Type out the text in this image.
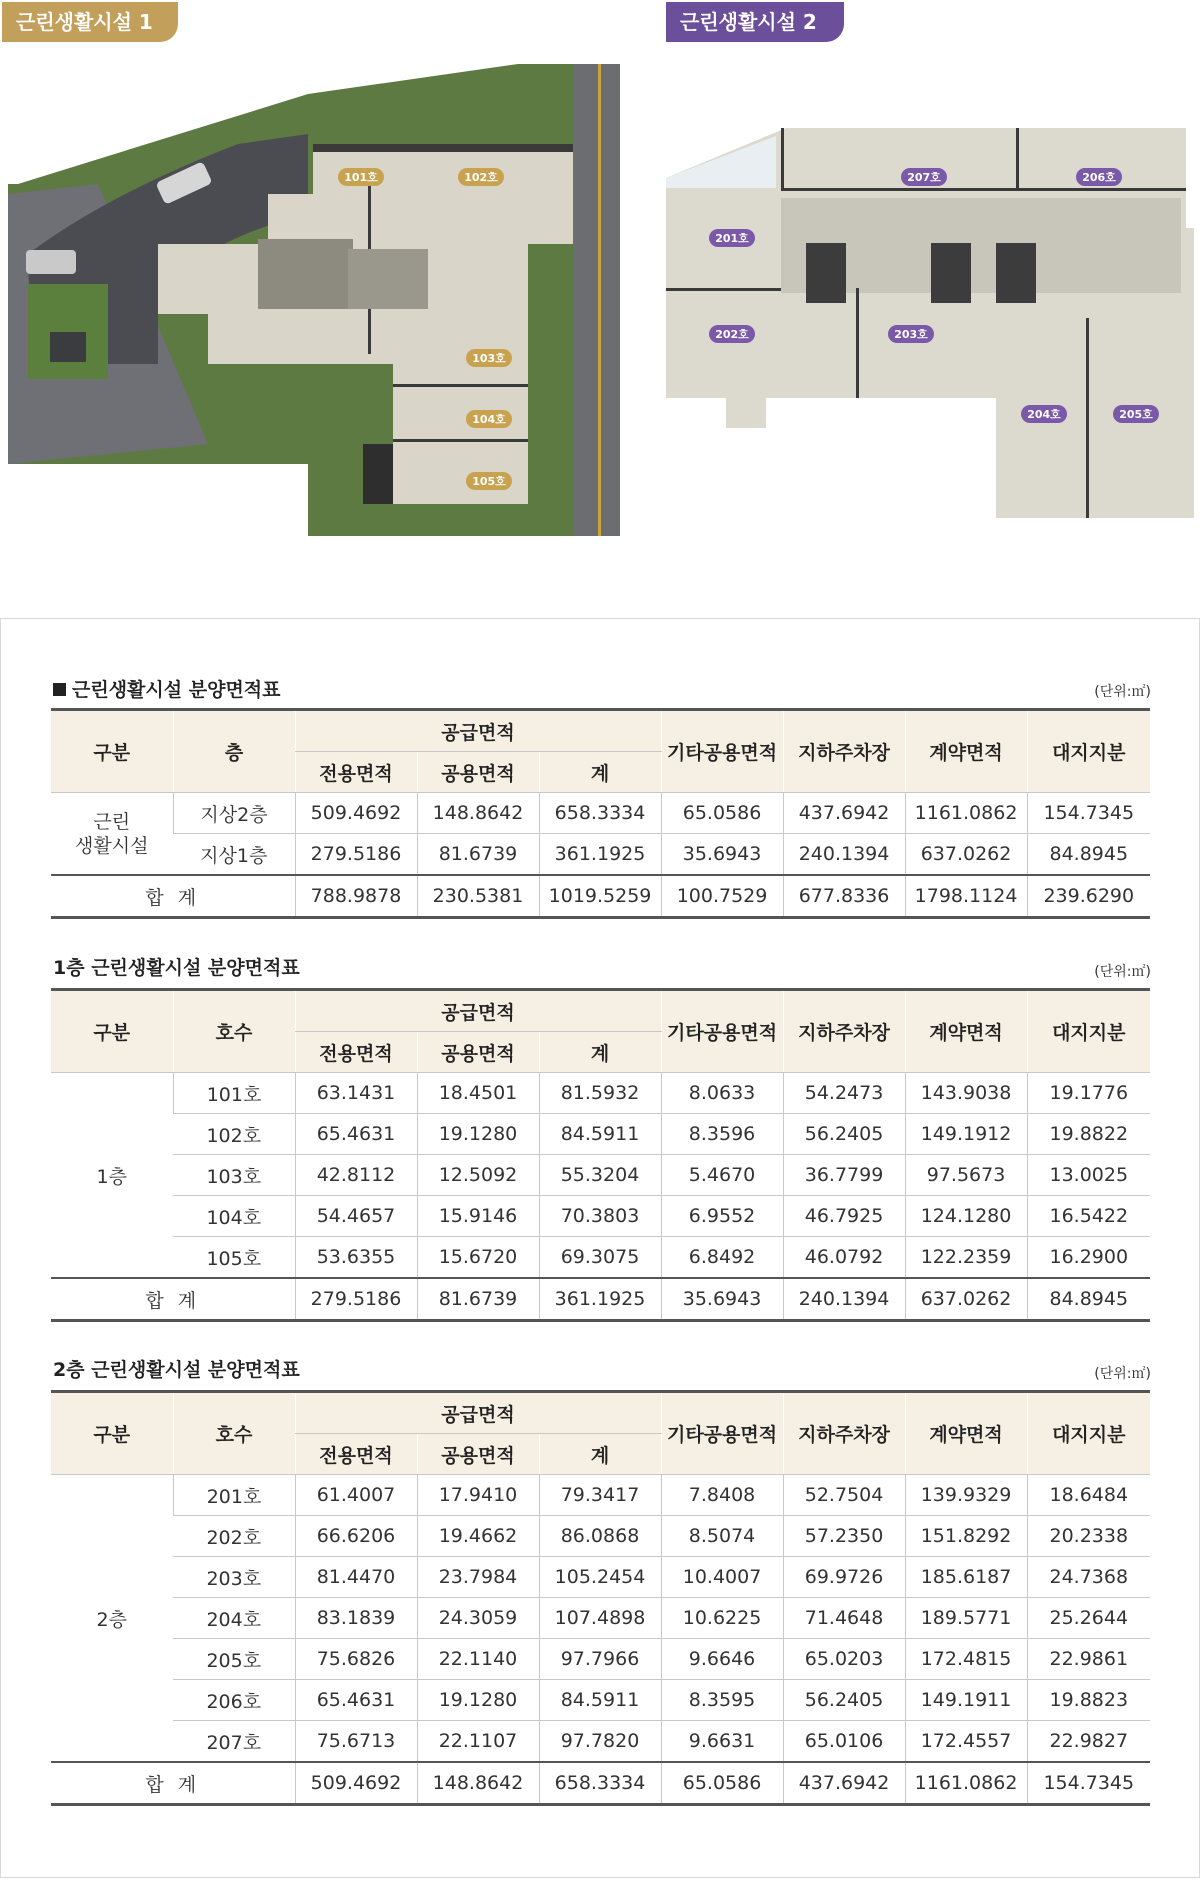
근린생활시설 1층
근린생활시설 2층
101호	102호
103호
104호
105호
201호
202호	203호
204호	205호
206호
207호
근린생활시설 분양면적표	(단위:㎡)
구분	층	공급면적			기타공용면적	지하주차장	계약면적	대지지분
		전용면적	공용면적	계				
근린
생활시설	지상2층	509.4692	148.8642	658.3334	65.0586	437.6942	1161.0862	154.7345
	지상1층	279.5186	81.6739	361.1925	35.6943	240.1394	637.0262	84.8945
합 계		788.9878	230.5381	1019.5259	100.7529	677.8336	1798.1124	239.6290
1층 근린생활시설 분양면적표	(단위:㎡)
구분	호수	공급면적			기타공용면적	지하주차장	계약면적	대지지분
		전용면적	공용면적	계				
1층	101호	63.1431	18.4501	81.5932	8.0633	54.2473	143.9038	19.1776
	102호	65.4631	19.1280	84.5911	8.3596	56.2405	149.1912	19.8822
	103호	42.8112	12.5092	55.3204	5.4670	36.7799	97.5673	13.0025
	104호	54.4657	15.9146	70.3803	6.9552	46.7925	124.1280	16.5422
	105호	53.6355	15.6720	69.3075	6.8492	46.0792	122.2359	16.2900
합 계		279.5186	81.6739	361.1925	35.6943	240.1394	637.0262	84.8945
2층 근린생활시설 분양면적표	(단위:㎡)
구분	호수	공급면적			기타공용면적	지하주차장	계약면적	대지지분
		전용면적	공용면적	계				
2층	201호	61.4007	17.9410	79.3417	7.8408	52.7504	139.9329	18.6484
	202호	66.6206	19.4662	86.0868	8.5074	57.2350	151.8292	20.2338
	203호	81.4470	23.7984	105.2454	10.4007	69.9726	185.6187	24.7368
	204호	83.1839	24.3059	107.4898	10.6225	71.4648	189.5771	25.2644
	205호	75.6826	22.1140	97.7966	9.6646	65.0203	172.4815	22.9861
	206호	65.4631	19.1280	84.5911	8.3595	56.2405	149.1911	19.8823
	207호	75.6713	22.1107	97.7820	9.6631	65.0106	172.4557	22.9827
합 계		509.4692	148.8642	658.3334	65.0586	437.6942	1161.0862	154.7345
